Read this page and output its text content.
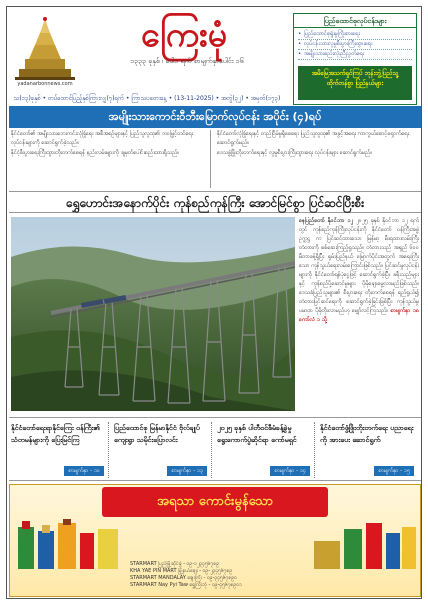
yadanarbonnews.com
ကြေးမုံ
၁၃၃၃ ခုနှစ် ၊ ပေါ၁ ရက် စာမျက်နှာပေါင်း ၁၆
ပြည်ထောင်စုလုပ်ငန်းများ
• ပြည်ထောင်စုရှုံးမှုကြိုးစားရေး
• လုပ်ငန်းသားလူမှုစီးပွားကြီးထွားရေး
• အမျိုးသားစည်းလုံးညီညွတ်ရေး
အမိမြေအသက်ရှင်ကြပ် ဘုန်းဘွဲ့ပြည်သူ့ ထိုက်တန်စွာ ပြည်နယ်များ
သ(၁၃)ခုနှစ် • တပ်ထောင်ပြည့်နှစ်ကြားလျှ(၇)ရက် • ကြာသပတေးနေ့ • (13-11-2025) • အတွဲ(၃၂) • အမှတ်(၁၇၃)
အမျိုးသားကောင်းဝီဘီးမြောက်လုပ်ငန်း အပိုင်း (၄)ရပ်

နိုင်ငံတော်၏ အမျိုးသားဘေးကင်းလုံခြုံရေး အစီအစဉ်များနှင့် ပြည်သူလူထု၏ ဘဝမြှင့်တင်ရေးလုပ်ငန်းများကို ဆောင်ရွက်ခဲ့သည်။

နိုင်ငံ့စီးပွားရေးကြီးထွားတိုးတက်စေရန် နည်းလမ်းများကို ချမှတ်ပေါင်းစည်းထားရှိသည်။

နိုင်ငံတော်လုံခြုံရေးနှင့် တည်ငြိမ်မှုရှိစေရေး ပြည်သူလူထု၏ အခွင့်အရေး ကာကွယ်စောင့်ရှောက်ရေး ဆောင်ရွက်မည်။

ဒေသဖွံ့ဖြိုးတိုးတက်ရေးနှင့် လူမှုစီးပွားကြီးထွားရေး လုပ်ငန်းများ ဆောင်ရွက်မည်။

ရွှေဟောင်းအနောက်ပိုင်း ကုန်စည်ကုန်ကြီး အောင်မြင်စွာ ပြင်ဆင်ပြီးစီး
နေပြည်တော် နိုဝင်ဘာ ၁၂ ၂၀၂၅ ခုနှစ် နိုဝင်ဘာ ၁၂ ရက်တွင် ကုန်စည်ကုန်ကြီးလုပ်ငန်းကို နိုင်ငံတော် ဝန်ကြီးအဖွဲ့ ဥက္ကဋ္ဌ က ပြင်ဆင်ထားသော မြန်မာ့ မီးရထားလမ်းကြီး တံတားကို စစ်ဆေးကြည့်ရှုသည်။ တံတားသည် အရှည် ၆၀၀ မီတာခန့်ရှိပြီး ရှမ်းပြည်နယ် မြောက်ပိုင်းအတွက် အရေးကြီးသော ကုန်သွယ်ရေးလမ်းကြောင်းဖြစ်သည်။ ပြင်ဆင်မှုလုပ်ငန်းများကို နိုင်ငံတော်ရန်ပုံငွေဖြင့် ဆောင်ရွက်ခဲ့ပြီး ခရီးသည်များနှင့် ကုန်စည်ပို့ဆောင်မှုများ ပိုမိုချောမွေ့လာမည်ဖြစ်သည်။ ဒေသခံပြည်သူများ၏ စီးပွားရေး တိုးတက်စေရန် ရည်ရွယ်၍ တံတားပြင်ဆင်ရေးကို ဆောင်ရွက်ခဲ့ခြင်းဖြစ်ပြီး ကုန်သွယ်မှု ပမာဏ ပိုမိုတိုးလာမည်ဟု မျှော်လင့်ကြသည်။ စာမျက်နှာ ၁၈ ကော်လံ ၁ သို့
နိုင်ငံတော်ရေးရာနိုင်ကြေး ဝန်ကြီး၏ သံတမန်များကို ပြေးမြင်ကြ
စာမျက်နှာ - ၁၀
ပြည်ထောင်စု မြန်မာနိုင်ငံ ဗိုလ်ချုပ်ကျေးရွာ သမိုင်းပြောလင်း
စာမျက်နှာ - ၁၃
၂၀၂၅ ခုနှစ် ပါတီဝင်စီမံခန့်ခွဲမှု ရွေးကောက်ပွဲဆိုင်ရာ ကော်မရှင်
စာမျက်နှာ - ၁၄
နိုင်ငံတော်ဖွံ့ဖြိုးတိုးတက်ရေး ပညာရေးကို အားပေး ဆောင်ရွက်
စာမျက်နှာ - ၁၅
အရသာ ကောင်းမွန်သော
STARMART ပြည်မြို့ဆိုင်ခွဲ - ၀၉-၁၂၃၄၅၆၇၈၉
KHA YAE PIN MART မြို့နယ်စျေး - ၀၉-၂၃၄၅၆၇၈၉
STARMART MANDALAY ဈေးကြီး - ၀၉-၃၄၅၆၇၈၉၀
STARMART Nay Pyi Taw ရွှေကြီးဘုံ - ၀၉-၄၅၆၇၈၉၀၁
